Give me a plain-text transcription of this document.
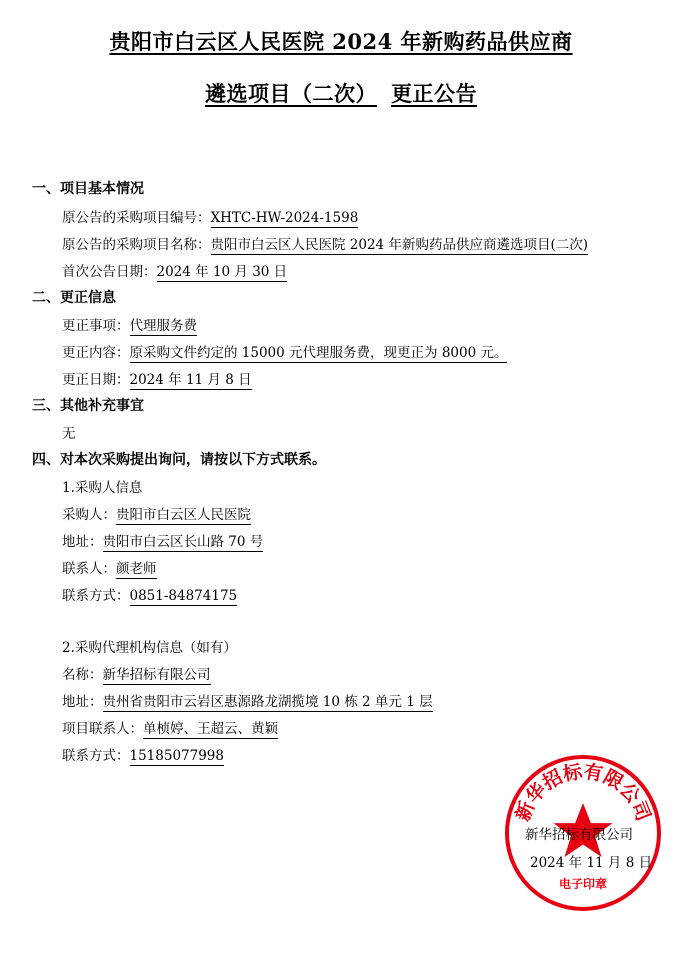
贵阳市白云区人民医院 2024 年新购药品供应商
遴选项目（二次） 更正公告
一、项目基本情况
原公告的采购项目编号：XHTC-HW-2024-1598
原公告的采购项目名称：贵阳市白云区人民医院 2024 年新购药品供应商遴选项目(二次)
首次公告日期：2024 年 10 月 30 日
二、更正信息
更正事项：代理服务费
更正内容：原采购文件约定的 15000 元代理服务费，现更正为 8000 元。
更正日期：2024 年 11 月 8 日
三、其他补充事宜
无
四、对本次采购提出询问，请按以下方式联系。
1.采购人信息
采购人：贵阳市白云区人民医院
地址：贵阳市白云区长山路 70 号
联系人：颜老师
联系方式：0851-84874175
2.采购代理机构信息（如有）
名称：新华招标有限公司
地址：贵州省贵阳市云岩区惠源路龙湖揽境 10 栋 2 单元 1 层
项目联系人：单桢婷、王超云、黄颖
联系方式：15185077998
新华招标有限公司
电子印章
新华招标有限公司
2024 年 11 月 8 日
